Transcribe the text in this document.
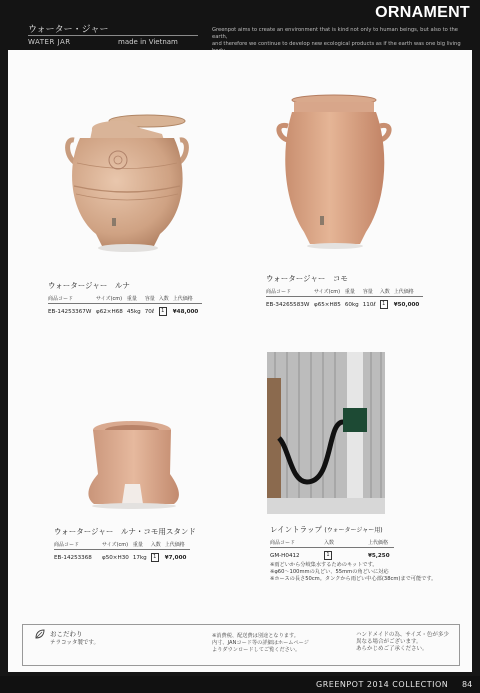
ウォーター・ジャー
WATER JAR	made in Vietnam
ORNAMENT
Greenpot aims to create an environment that is kind not only to human beings, but also to the earth,
and therefore we continue to develop new ecological products as if the earth was one big living
ウォータージャー　ルナ
商品コード	サイズ(cm)	重量	容量	入数	上代価格
EB-14253367W	φ62×H68	45kg	70ℓ	1	¥48,000
ウォータージャー　コモ
商品コード	サイズ(cm)	重量	容量	入数	上代価格
EB-34265583W	φ65×H85	60kg	110ℓ	1	¥50,000
ウォータージャー　ルナ・コモ用スタンド
商品コード	サイズ(cm)	重量	入数	上代価格
EB-14253368	φ50×H30	17kg	1	¥7,000
レイントラップ (ウォータージャー用)
商品コード	入数	上代価格
GM-H0412	1	¥5,250
※雨どいから分岐集水するためのキットです。
※φ60〜100mmの丸どい、55mmの角どいに対応
※ホースの長さ50cm。タンクから雨どい中心部(38cm)まで可能です。
おこだわり
テラコッタ製です。
※消費税、配送費は別途となります。
内寸、JANコード等の詳細はホームページ
よりダウンロードしてご覧ください。
ハンドメイドの為、サイズ・色が多少
異なる場合がございます。
あらかじめご了承ください。
GREENPOT 2014 COLLECTION 84
